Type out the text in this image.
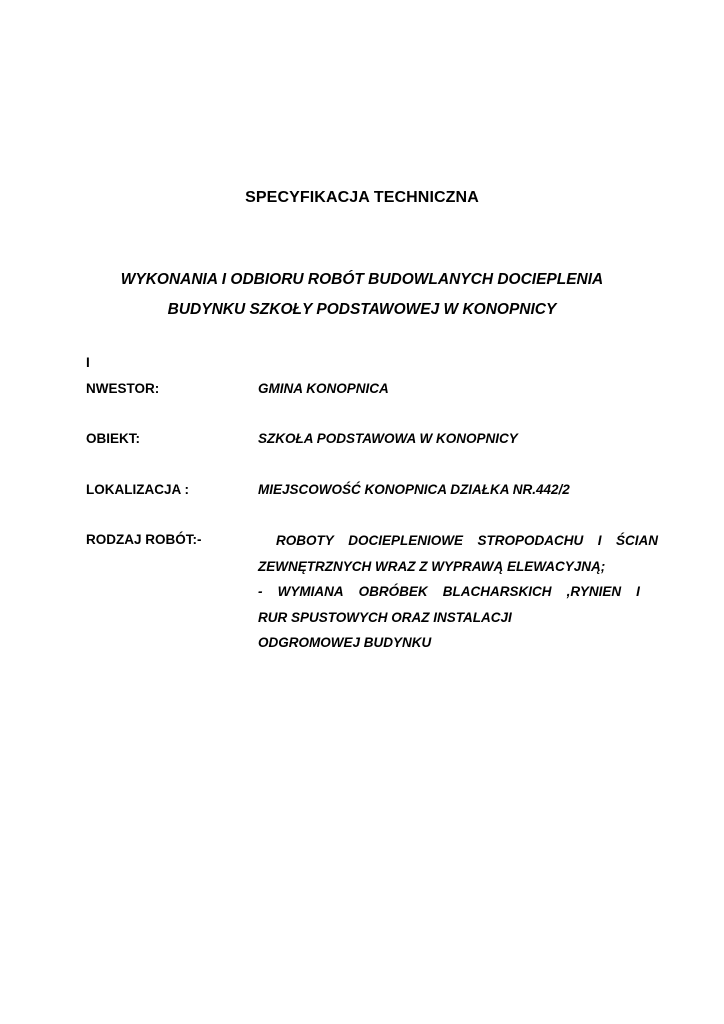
SPECYFIKACJA TECHNICZNA
WYKONANIA I ODBIORU ROBÓT BUDOWLANYCH DOCIEPLENIA
BUDYNKU SZKOŁY PODSTAWOWEJ W KONOPNICY
I
NWESTOR:	GMINA KONOPNICA
OBIEKT:	SZKOŁA PODSTAWOWA W KONOPNICY
LOKALIZACJA :	MIEJSCOWOŚĆ KONOPNICA DZIAŁKA NR.442/2
RODZAJ ROBÓT:-	ROBOTY DOCIEPLENIOWE STROPODACHU I ŚCIAN
ZEWNĘTRZNYCH WRAZ Z WYPRAWĄ ELEWACYJNĄ;
- WYMIANA OBRÓBEK BLACHARSKICH ,RYNIEN I
RUR SPUSTOWYCH ORAZ INSTALACJI
ODGROMOWEJ BUDYNKU
